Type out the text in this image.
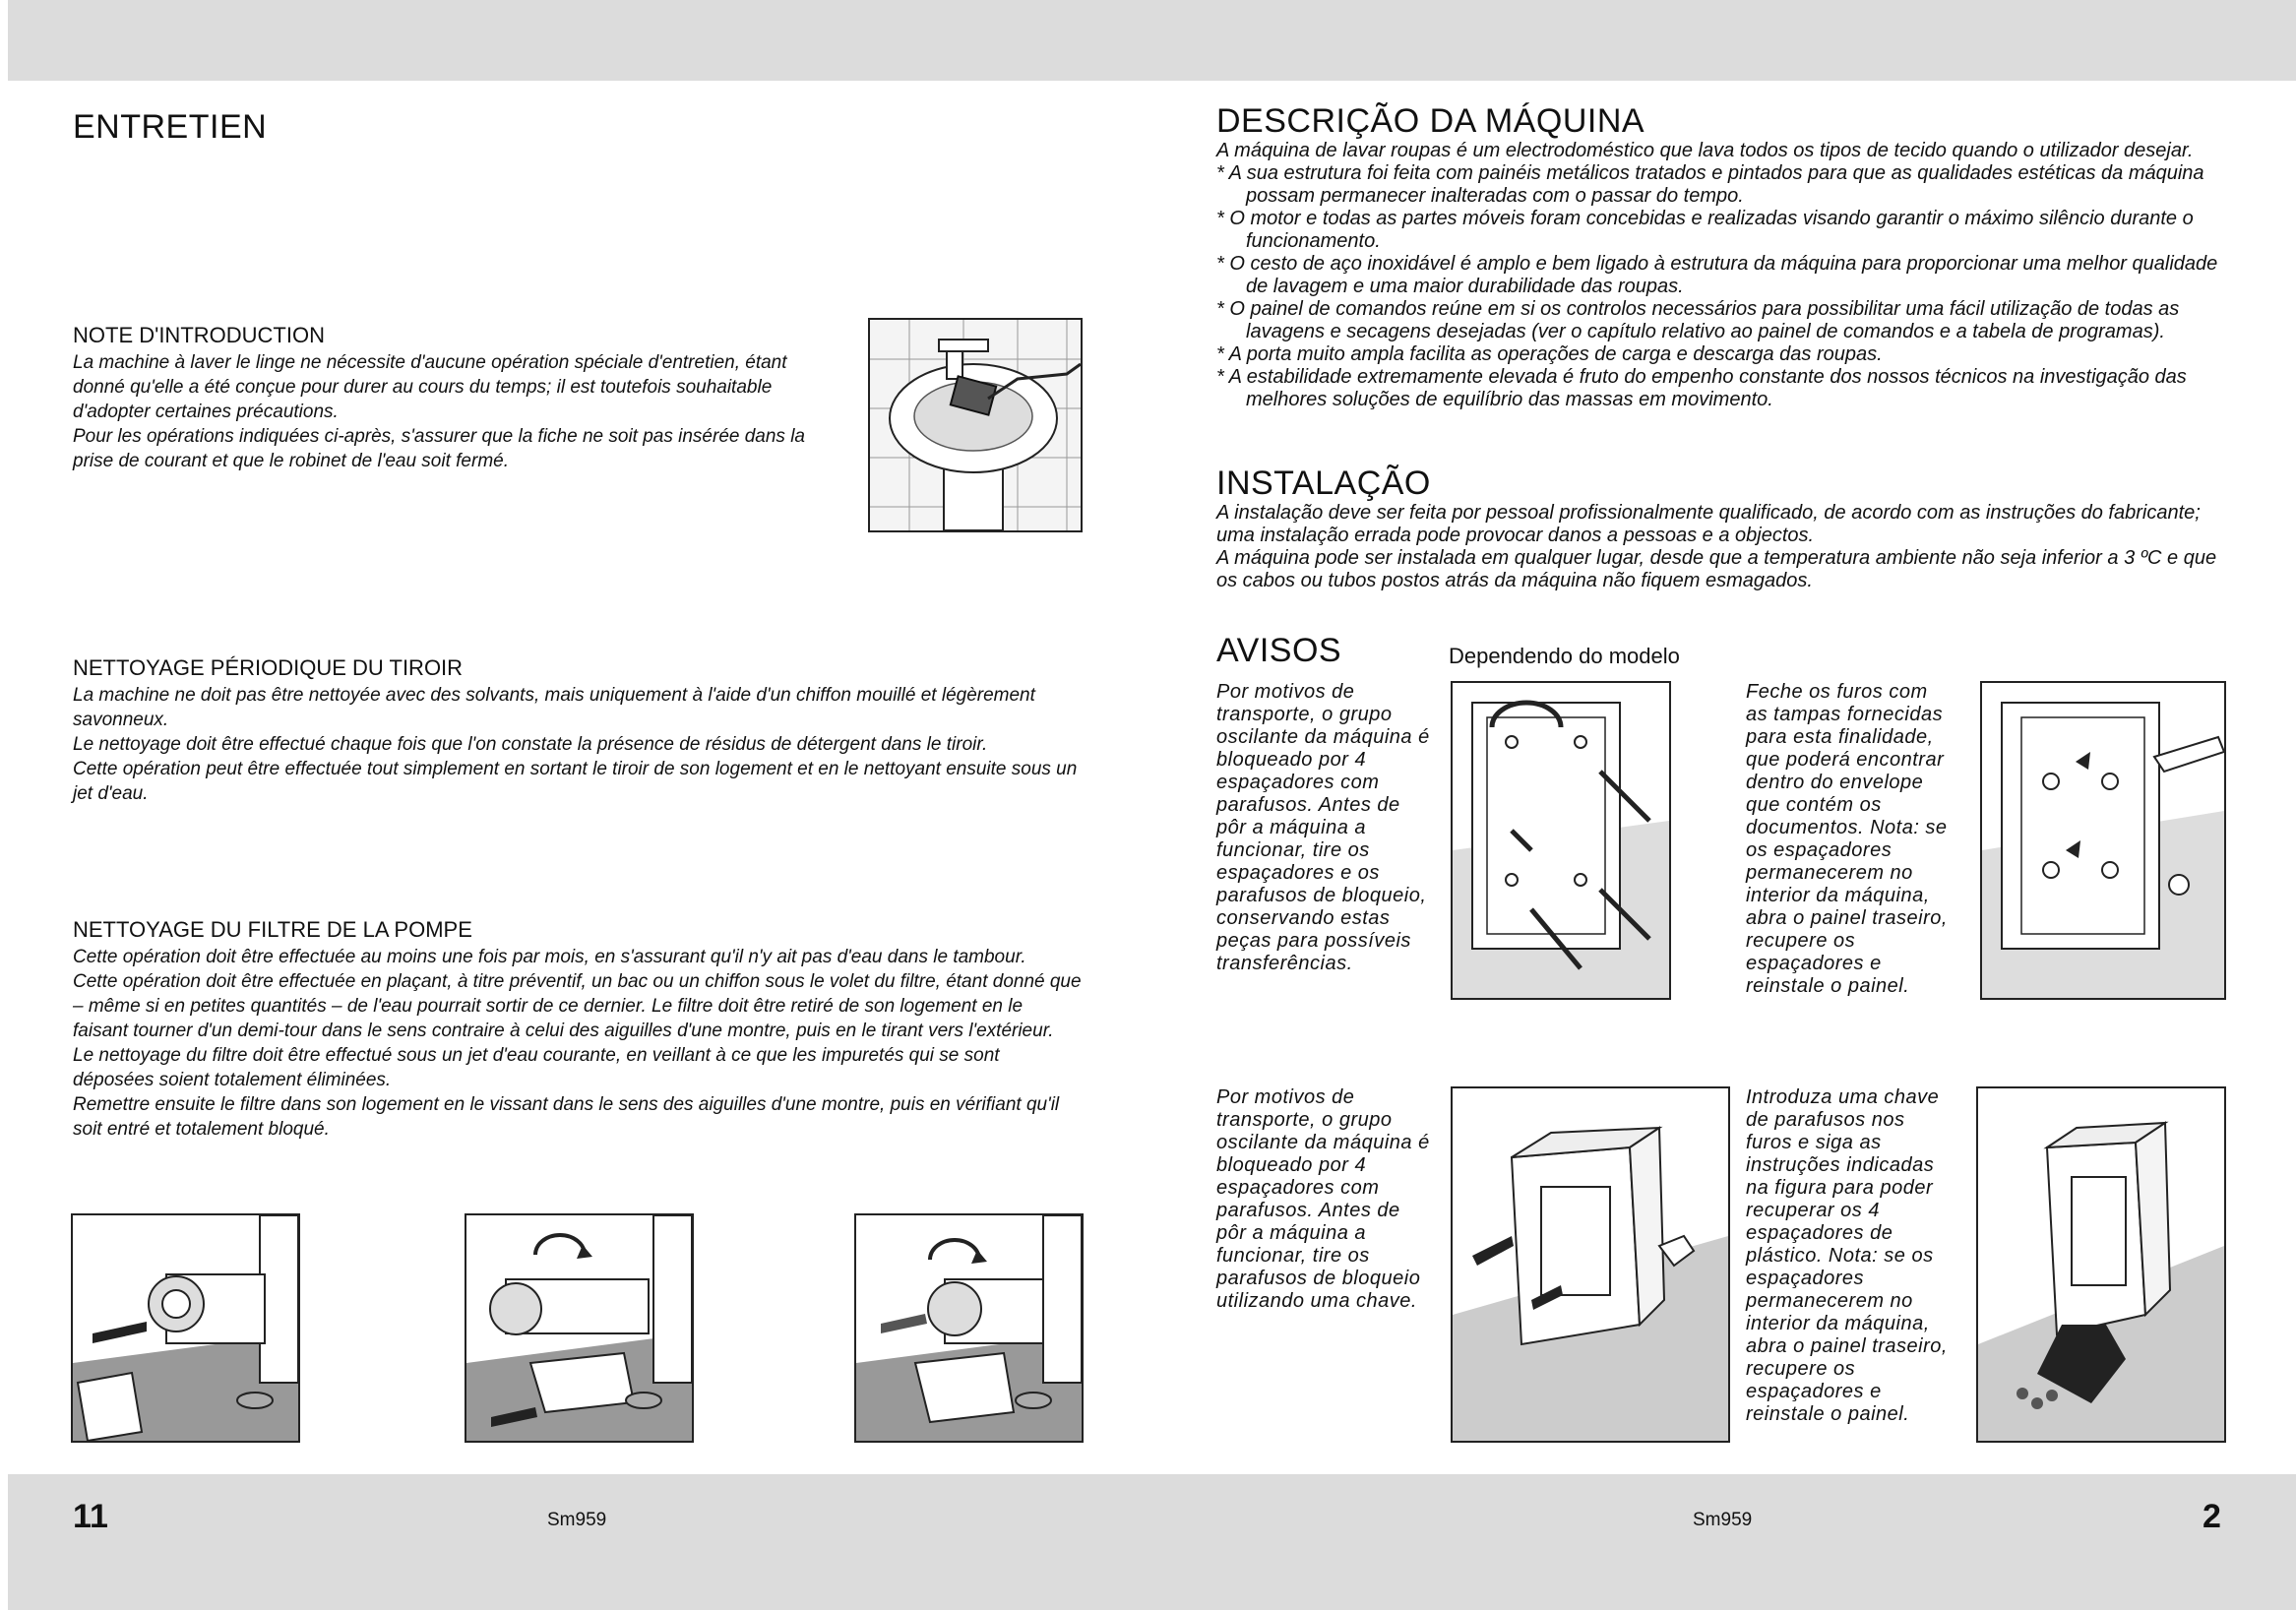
ENTRETIEN
NOTE D'INTRODUCTION
La machine à laver le linge ne nécessite d'aucune opération spéciale d'entretien, étant donné qu'elle a été conçue pour durer au cours du temps; il est toutefois souhaitable d'adopter certaines précautions.
Pour les opérations indiquées ci-après, s'assurer que la fiche ne soit pas insérée dans la prise de courant et que le robinet de l'eau soit fermé.
NETTOYAGE PÉRIODIQUE DU TIROIR
La machine ne doit pas être nettoyée avec des solvants, mais uniquement à l'aide d'un chiffon mouillé et légèrement savonneux.
Le nettoyage doit être effectué chaque fois que l'on constate la présence de résidus de détergent dans le tiroir.
Cette opération peut être effectuée tout simplement en sortant le tiroir de son logement et en le nettoyant ensuite sous un jet d'eau.
NETTOYAGE DU FILTRE DE LA POMPE
Cette opération doit être effectuée au moins une fois par mois, en s'assurant qu'il n'y ait pas d'eau dans le tambour.
Cette opération doit être effectuée en plaçant, à titre préventif, un bac ou un chiffon sous le volet du filtre, étant donné que – même si en petites quantités – de l'eau pourrait sortir de ce dernier. Le filtre doit être retiré de son logement en le faisant tourner d'un demi-tour dans le sens contraire à celui des aiguilles d'une montre, puis en le tirant vers l'extérieur.
Le nettoyage du filtre doit être effectué sous un jet d'eau courante, en veillant à ce que les impuretés qui se sont déposées soient totalement éliminées.
Remettre ensuite le filtre dans son logement en le vissant dans le sens des aiguilles d'une montre, puis en vérifiant qu'il soit entré et totalement bloqué.
11	Sm959
DESCRIÇÃO DA MÁQUINA
A máquina de lavar roupas é um electrodoméstico que lava todos os tipos de tecido quando o utilizador desejar.
* A sua estrutura foi feita com painéis metálicos tratados e pintados para que as qualidades estéticas da máquina possam permanecer inalteradas com o passar do tempo.
* O motor e todas as partes móveis foram concebidas e realizadas visando garantir o máximo silêncio durante o funcionamento.
* O cesto de aço inoxidável é amplo e bem ligado à estrutura da máquina para proporcionar uma melhor qualidade de lavagem e uma maior durabilidade das roupas.
* O painel de comandos reúne em si os controlos necessários para possibilitar uma fácil utilização de todas as lavagens e secagens desejadas (ver o capítulo relativo ao painel de comandos e a tabela de programas).
* A porta muito ampla facilita as operações de carga e descarga das roupas.
* A estabilidade extremamente elevada é fruto do empenho constante dos nossos técnicos na investigação das melhores soluções de equilíbrio das massas em movimento.
INSTALAÇÃO
A instalação deve ser feita por pessoal profissionalmente qualificado, de acordo com as instruções do fabricante; uma instalação errada pode provocar danos a pessoas e a objectos.
A máquina pode ser instalada em qualquer lugar, desde que a temperatura ambiente não seja inferior a 3 ºC e que os cabos ou tubos postos atrás da máquina não fiquem esmagados.
AVISOS	Dependendo do modelo
Por motivos de transporte, o grupo oscilante da máquina é bloqueado por 4 espaçadores com parafusos. Antes de pôr a máquina a funcionar, tire os espaçadores e os parafusos de bloqueio, conservando estas peças para possíveis transferências.
Feche os furos com as tampas fornecidas para esta finalidade, que poderá encontrar dentro do envelope que contém os documentos. Nota: se os espaçadores permanecerem no interior da máquina, abra o painel traseiro, recupere os espaçadores e reinstale o painel.
Por motivos de transporte, o grupo oscilante da máquina é bloqueado por 4 espaçadores com parafusos. Antes de pôr a máquina a funcionar, tire os parafusos de bloqueio utilizando uma chave.
Introduza uma chave de parafusos nos furos e siga as instruções indicadas na figura para poder recuperar os 4 espaçadores de plástico. Nota: se os espaçadores permanecerem no interior da máquina, abra o painel traseiro, recupere os espaçadores e reinstale o painel.
Sm959	2
